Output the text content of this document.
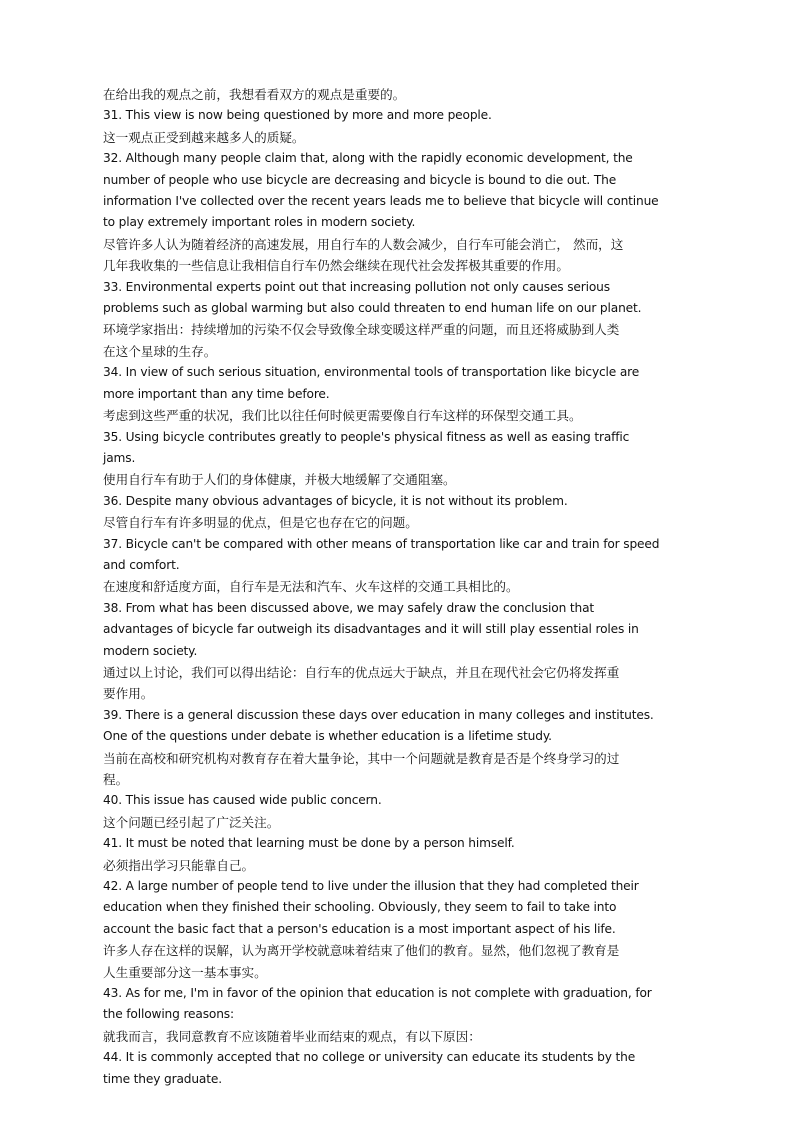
在给出我的观点之前，我想看看双方的观点是重要的。

31. This view is now being questioned by more and more people.

这一观点正受到越来越多人的质疑。

32. Although many people claim that, along with the rapidly economic development, the

number of people who use bicycle are decreasing and bicycle is bound to die out. The

information I've collected over the recent years leads me to believe that bicycle will continue

to play extremely important roles in modern society.

尽管许多人认为随着经济的高速发展，用自行车的人数会减少，自行车可能会消亡， 然而，这

几年我收集的一些信息让我相信自行车仍然会继续在现代社会发挥极其重要的作用。

33. Environmental experts point out that increasing pollution not only causes serious

problems such as global warming but also could threaten to end human life on our planet.

环境学家指出：持续增加的污染不仅会导致像全球变暖这样严重的问题，而且还将威胁到人类

在这个星球的生存。

34. In view of such serious situation, environmental tools of transportation like bicycle are

more important than any time before.

考虑到这些严重的状况，我们比以往任何时候更需要像自行车这样的环保型交通工具。

35. Using bicycle contributes greatly to people's physical fitness as well as easing traffic

jams.

使用自行车有助于人们的身体健康，并极大地缓解了交通阻塞。

36. Despite many obvious advantages of bicycle, it is not without its problem.

尽管自行车有许多明显的优点，但是它也存在它的问题。

37. Bicycle can't be compared with other means of transportation like car and train for speed

and comfort.

在速度和舒适度方面，自行车是无法和汽车、火车这样的交通工具相比的。

38. From what has been discussed above, we may safely draw the conclusion that

advantages of bicycle far outweigh its disadvantages and it will still play essential roles in

modern society.

通过以上讨论，我们可以得出结论：自行车的优点远大于缺点，并且在现代社会它仍将发挥重

要作用。

39. There is a general discussion these days over education in many colleges and institutes.

One of the questions under debate is whether education is a lifetime study.

当前在高校和研究机构对教育存在着大量争论，其中一个问题就是教育是否是个终身学习的过

程。

40. This issue has caused wide public concern.

这个问题已经引起了广泛关注。

41. It must be noted that learning must be done by a person himself.

必须指出学习只能靠自己。

42. A large number of people tend to live under the illusion that they had completed their

education when they finished their schooling. Obviously, they seem to fail to take into

account the basic fact that a person's education is a most important aspect of his life.

许多人存在这样的误解，认为离开学校就意味着结束了他们的教育。显然，他们忽视了教育是

人生重要部分这一基本事实。

43. As for me, I'm in favor of the opinion that education is not complete with graduation, for

the following reasons:

就我而言，我同意教育不应该随着毕业而结束的观点，有以下原因：

44. It is commonly accepted that no college or university can educate its students by the

time they graduate.
